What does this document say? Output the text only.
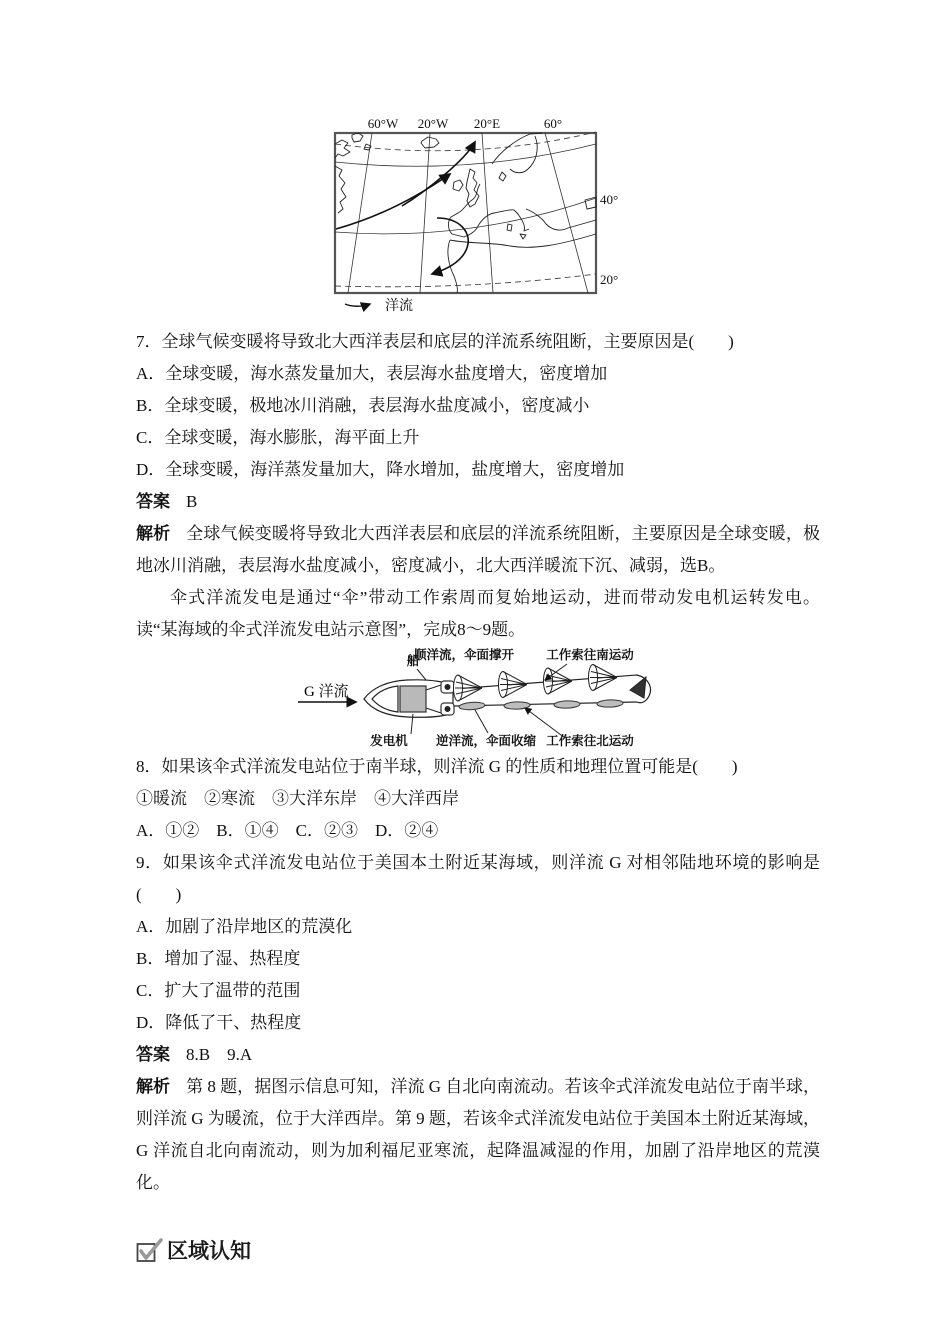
洋流
60°W 20°W 20°E	60°
40°
20°

7．全球气候变暖将导致北大西洋表层和底层的洋流系统阻断，主要原因是(　　)

A．全球变暖，海水蒸发量加大，表层海水盐度增大，密度增加

B．全球变暖，极地冰川消融，表层海水盐度减小，密度减小

C．全球变暖，海水膨胀，海平面上升

D．全球变暖，海洋蒸发量加大，降水增加，盐度增大，密度增加

答案 B

解析 全球气候变暖将导致北大西洋表层和底层的洋流系统阻断，主要原因是全球变暖，极地冰川消融，表层海水盐度减小，密度减小，北大西洋暖流下沉、减弱，选B。

伞式洋流发电是通过“伞”带动工作索周而复始地运动，进而带动发电机运转发电。读“某海域的伞式洋流发电站示意图”，完成8～9题。

G 洋流
船
发电机
顺洋流，伞面撑开	工作索往南运动
逆洋流，伞面收缩 工作索往北运动

8．如果该伞式洋流发电站位于南半球，则洋流 G 的性质和地理位置可能是(　　)

①暖流　②寒流　③大洋东岸　④大洋西岸

A．①②　B．①④　C．②③　D．②④

9．如果该伞式洋流发电站位于美国本土附近某海域，则洋流 G 对相邻陆地环境的影响是(　　)

A．加剧了沿岸地区的荒漠化

B．增加了湿、热程度

C．扩大了温带的范围

D．降低了干、热程度

答案 8.B　9.A

解析 第 8 题，据图示信息可知，洋流 G 自北向南流动。若该伞式洋流发电站位于南半球，则洋流 G 为暖流，位于大洋西岸。第 9 题，若该伞式洋流发电站位于美国本土附近某海域，G 洋流自北向南流动，则为加利福尼亚寒流，起降温减湿的作用，加剧了沿岸地区的荒漠化。

区域认知
